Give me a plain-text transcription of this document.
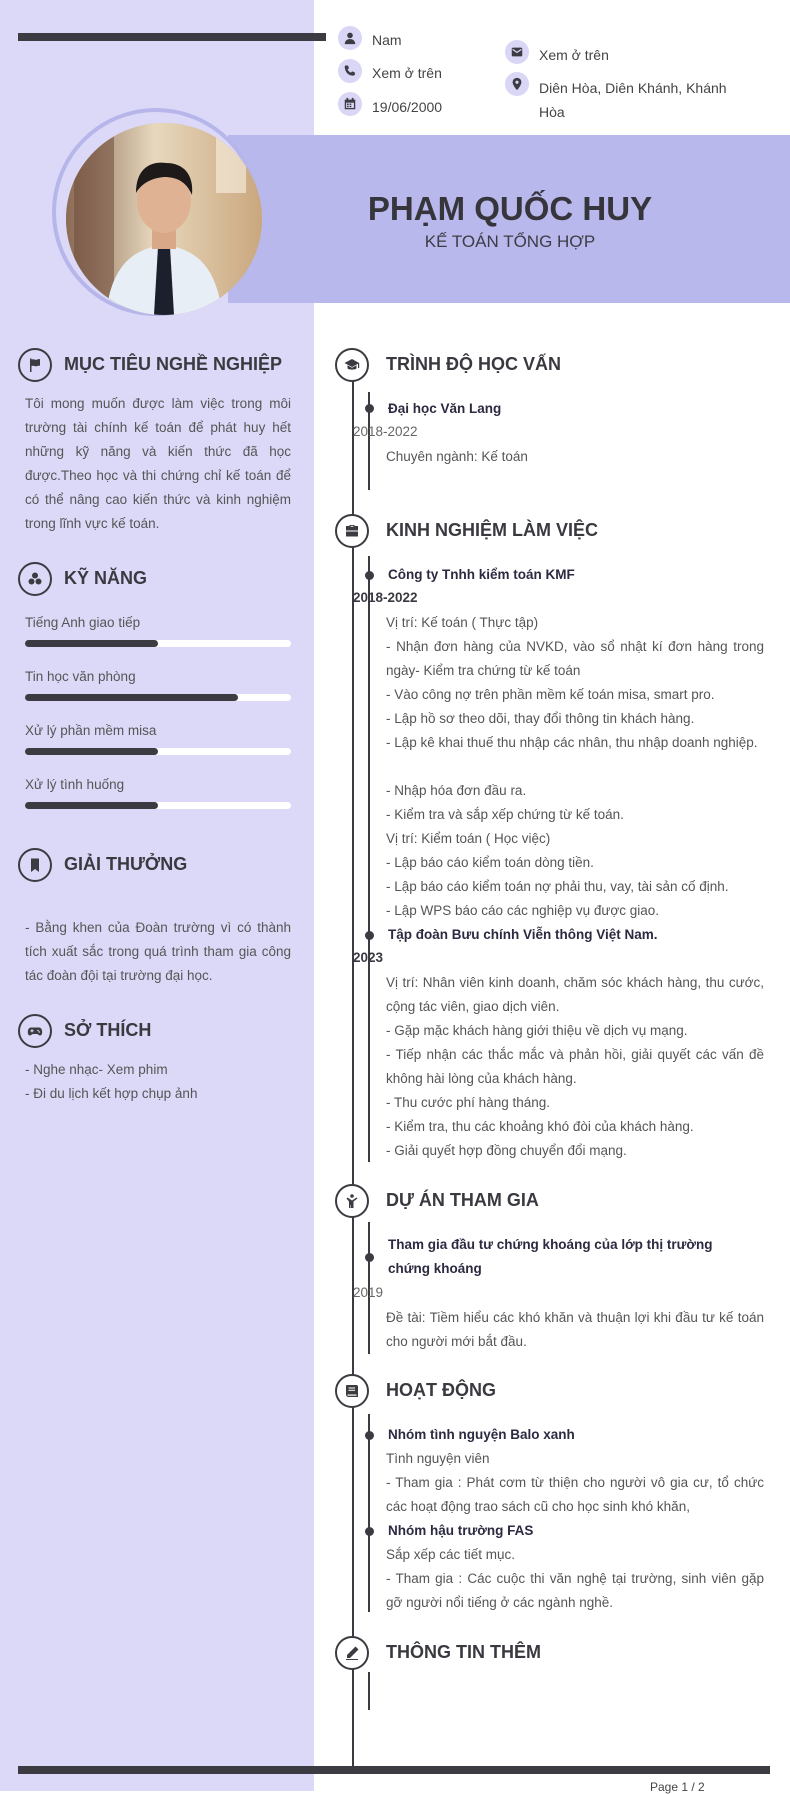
Nam
Xem ở trên
19/06/2000
Xem ở trên
Diên Hòa, Diên Khánh, Khánh Hòa
PHẠM QUỐC HUY
KẾ TOÁN TỔNG HỢP
MỤC TIÊU NGHỀ NGHIỆP
Tôi mong muốn được làm việc trong môi trường tài chính kế toán để phát huy hết những kỹ năng và kiến thức đã học được.Theo học và thi chứng chỉ kế toán để có thể nâng cao kiến thức và kinh nghiệm trong lĩnh vực kế toán.
KỸ NĂNG
Tiếng Anh giao tiếp
Tin học văn phòng
Xử lý phần mềm misa
Xử lý tình huống
GIẢI THƯỞNG
- Bằng khen của Đoàn trường vì có thành tích xuất sắc trong quá trình tham gia công tác đoàn đội tại trường đại học.
SỞ THÍCH
- Nghe nhạc- Xem phim
- Đi du lịch kết hợp chụp ảnh
TRÌNH ĐỘ HỌC VẤN
Đại học Văn Lang
2018-2022
Chuyên ngành: Kế toán
KINH NGHIỆM LÀM VIỆC
Công ty Tnhh kiểm toán KMF
2018-2022
Vị trí: Kế toán ( Thực tập)
- Nhận đơn hàng của NVKD, vào sổ nhật kí đơn hàng trong ngày- Kiểm tra chứng từ kế toán
- Vào công nợ trên phần mềm kế toán misa, smart pro.
- Lập hồ sơ theo dõi, thay đổi thông tin khách hàng.
- Lập kê khai thuế thu nhập các nhân, thu nhập doanh nghiệp.
- Nhập hóa đơn đầu ra.
- Kiểm tra và sắp xếp chứng từ kế toán.
Vị trí: Kiểm toán ( Học việc)
- Lập báo cáo kiểm toán dòng tiền.
- Lập báo cáo kiểm toán nợ phải thu, vay, tài sản cố định.
- Lập WPS báo cáo các nghiệp vụ được giao.
Tập đoàn Bưu chính Viễn thông Việt Nam.
2023
Vị trí: Nhân viên kinh doanh, chăm sóc khách hàng, thu cước, cộng tác viên, giao dịch viên.
- Gặp mặc khách hàng giới thiệu về dịch vụ mạng.
- Tiếp nhận các thắc mắc và phản hồi, giải quyết các vấn đề không hài lòng của khách hàng.
- Thu cước phí hàng tháng.
- Kiểm tra, thu các khoảng khó đòi của khách hàng.
- Giải quyết hợp đồng chuyển đổi mạng.
DỰ ÁN THAM GIA
Tham gia đầu tư chứng khoáng của lớp thị trường chứng khoáng
2019
Đề tài: Tiềm hiểu các khó khăn và thuận lợi khi đầu tư kế toán cho người mới bắt đầu.
HOẠT ĐỘNG
Nhóm tình nguyện Balo xanh
Tình nguyện viên
- Tham gia : Phát cơm từ thiện cho người vô gia cư, tổ chức các hoạt động trao sách cũ cho học sinh khó khăn,
Nhóm hậu trường FAS
Sắp xếp các tiết mục.
- Tham gia : Các cuộc thi văn nghệ tại trường, sinh viên gặp gỡ người nổi tiếng ở các ngành nghề.
THÔNG TIN THÊM
Page 1 / 2
